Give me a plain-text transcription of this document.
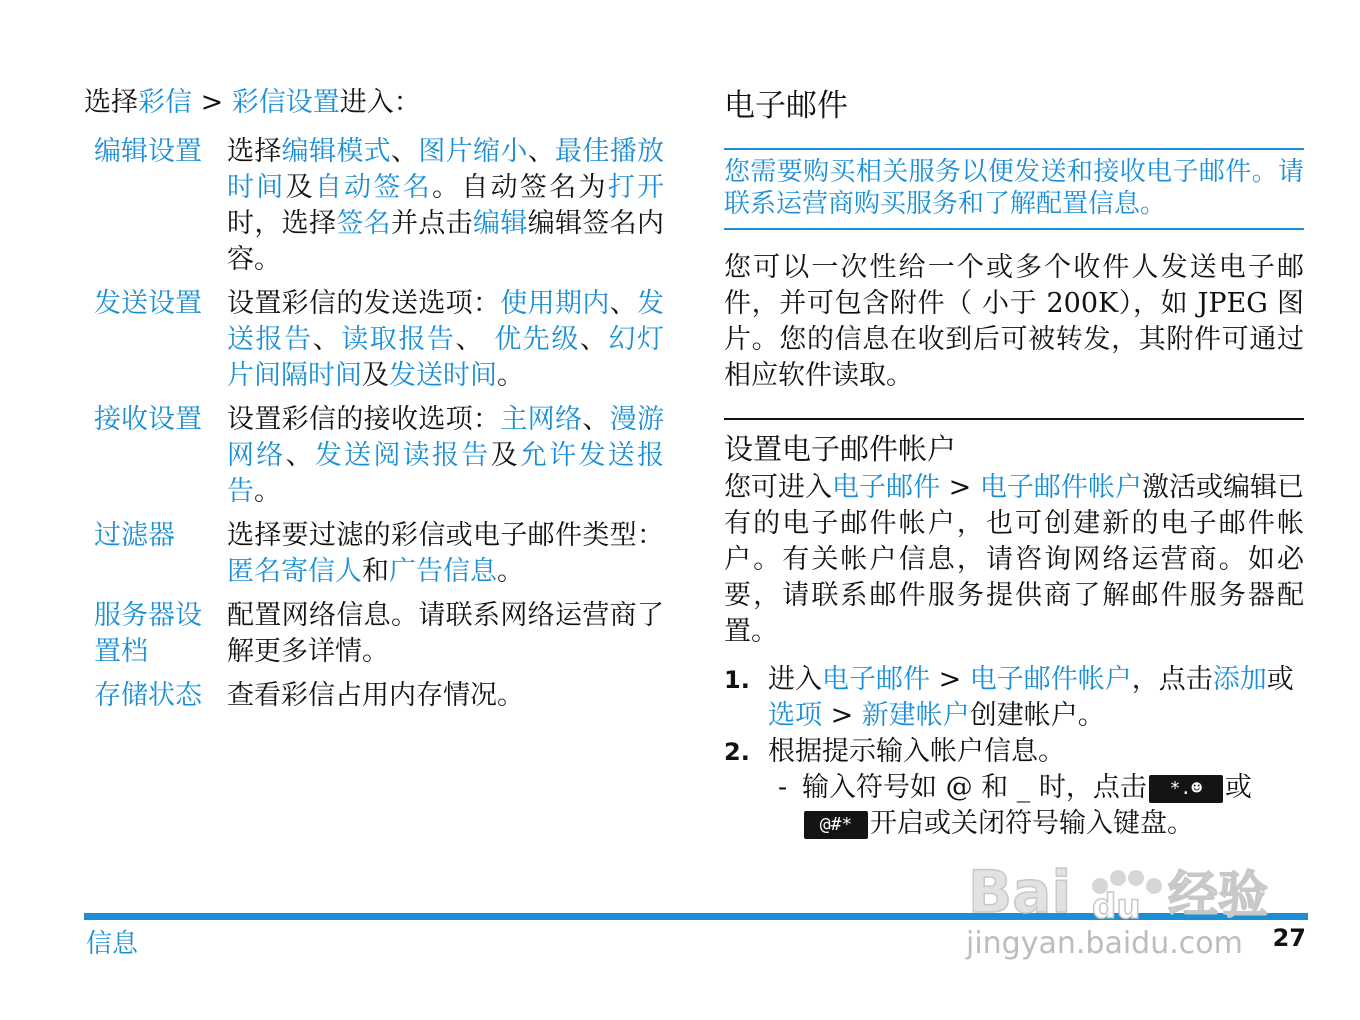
选择彩信 > 彩信设置进入：

编辑设置 选择编辑模式、图片缩小、最佳播放时间及自动签名。自动签名为打开时，选择签名并点击编辑编辑签名内容。
发送设置 设置彩信的发送选项：使用期内、发送报告、读取报告、 优先级、幻灯片间隔时间及发送时间。
接收设置 设置彩信的接收选项：主网络、漫游网络、发送阅读报告及允许发送报告。
过滤器	选择要过滤的彩信或电子邮件类型：匿名寄信人和广告信息。
服务器设置档
配置网络信息。请联系网络运营商了解更多详情。
存储状态 查看彩信占用内存情况。
电子邮件
您需要购买相关服务以便发送和接收电子邮件。请联系运营商购买服务和了解配置信息。

您可以一次性给一个或多个收件人发送电子邮件，并可包含附件（ 小于 200K），如 JPEG 图片。您的信息在收到后可被转发，其附件可通过相应软件读取。

设置电子邮件帐户

您可进入电子邮件 > 电子邮件帐户激活或编辑已有的电子邮件帐户，也可创建新的电子邮件帐户。有关帐户信息，请咨询网络运营商。如必要，请联系邮件服务提供商了解邮件服务器配置。

1. 进入电子邮件 > 电子邮件帐户，点击添加或选项 > 新建帐户创建帐户。
2. 根据提示输入帐户信息。
- 输入符号如 @ 和 _ 时，点击 *.☻ 或
@#* 开启或关闭符号输入键盘。
信息	27
Bai du 经验
jingyan.baidu.com
